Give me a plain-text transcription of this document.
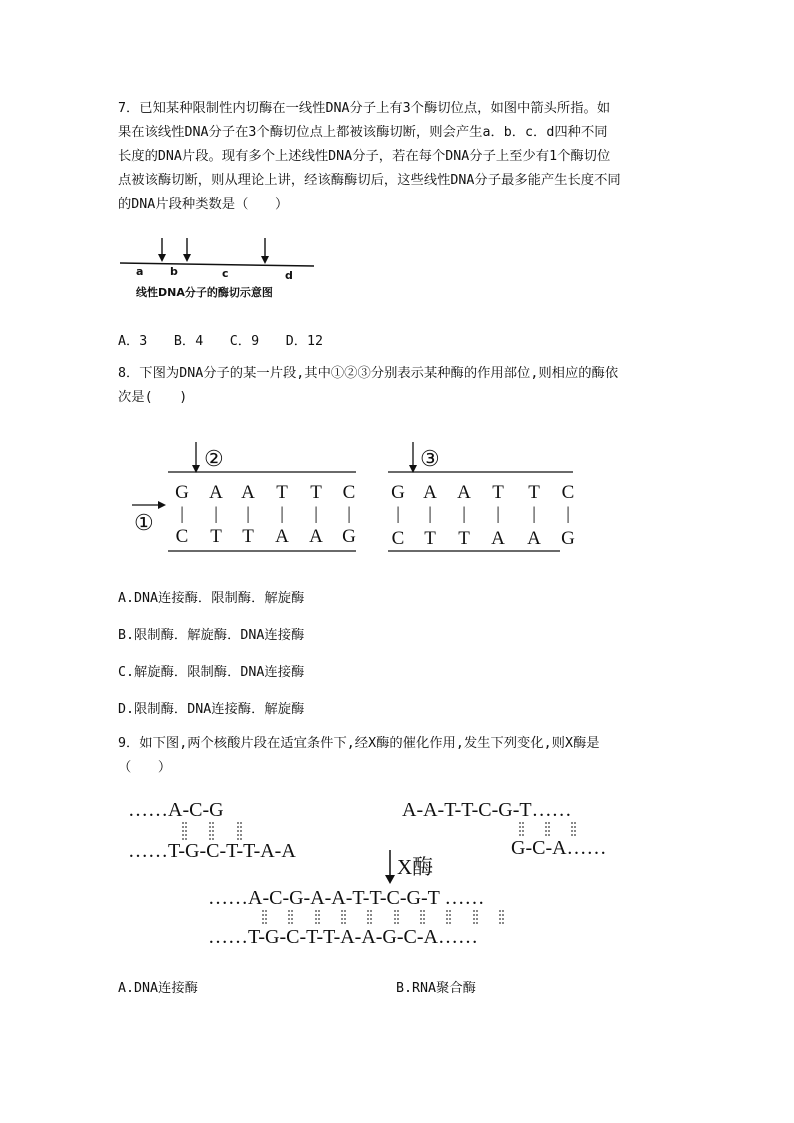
7．已知某种限制性内切酶在一线性DNA分子上有3个酶切位点，如图中箭头所指。如
果在该线性DNA分子在3个酶切位点上都被该酶切断，则会产生a．b．c．d四种不同
长度的DNA片段。现有多个上述线性DNA分子，若在每个DNA分子上至少有1个酶切位
点被该酶切断，则从理论上讲，经该酶酶切后，这些线性DNA分子最多能产生长度不同
的DNA片段种类数是（　　）
a b	c	d
线性DNA分子的酶切示意图
A．3　　B．4　　C．9　　D．12
8．下图为DNA分子的某一片段,其中①②③分别表示某种酶的作用部位,则相应的酶依
次是(　　)
②
①
G A A T T C
| | | | | |
C T T A A G
③
G A A T T C
| | | | | |
C T T A A G
A.DNA连接酶．限制酶．解旋酶
B.限制酶．解旋酶．DNA连接酶
C.解旋酶．限制酶．DNA连接酶
D.限制酶．DNA连接酶．解旋酶
9．如下图,两个核酸片段在适宜条件下,经X酶的催化作用,发生下列变化,则X酶是
（　　）
……A-C-G
……T-G-C-T-T-A-A
A-A-T-T-C-G-T……
G-C-A……
X酶
……A-C-G-A-A-T-T-C-G-T ……
……T-G-C-T-T-A-A-G-C-A……
A.DNA连接酶	B.RNA聚合酶
